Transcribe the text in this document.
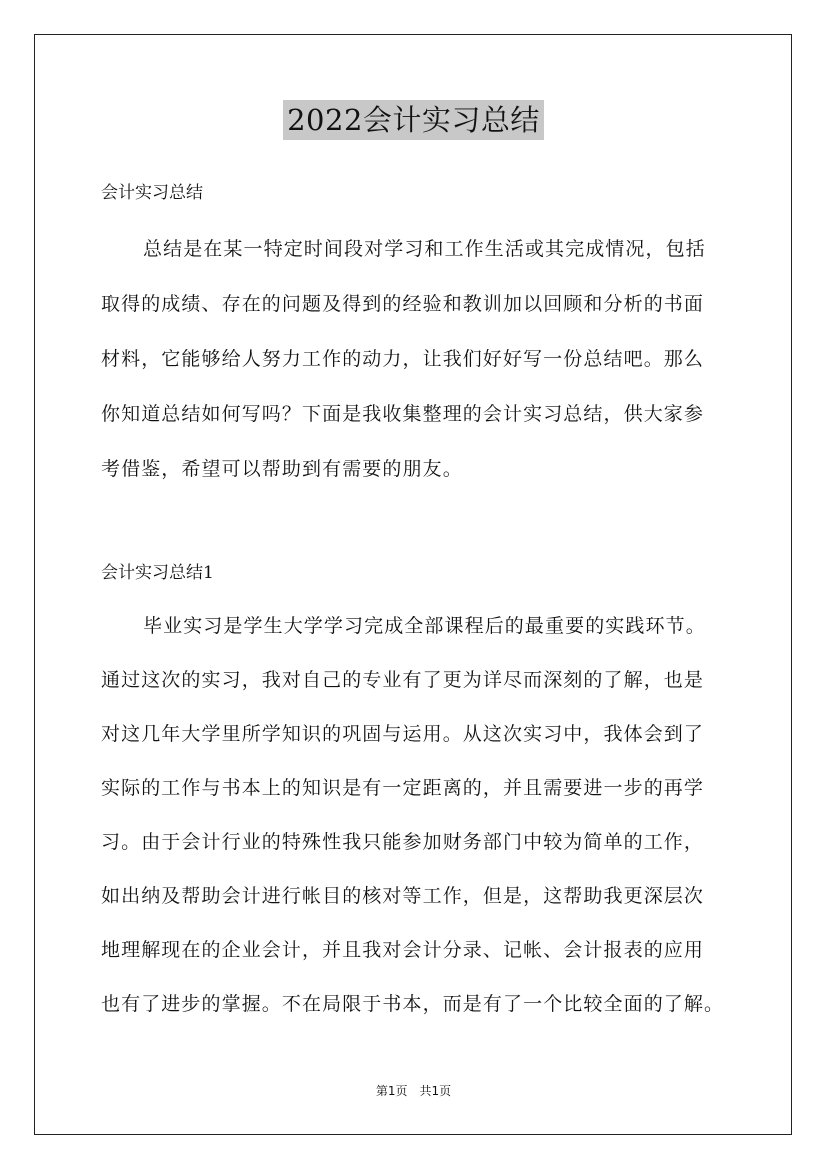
2022会计实习总结
会计实习总结
总结是在某一特定时间段对学习和工作生活或其完成情况，包括
取得的成绩、存在的问题及得到的经验和教训加以回顾和分析的书面
材料，它能够给人努力工作的动力，让我们好好写一份总结吧。那么
你知道总结如何写吗？下面是我收集整理的会计实习总结，供大家参
考借鉴，希望可以帮助到有需要的朋友。
会计实习总结1
毕业实习是学生大学学习完成全部课程后的最重要的实践环节。
通过这次的实习，我对自己的专业有了更为详尽而深刻的了解，也是
对这几年大学里所学知识的巩固与运用。从这次实习中，我体会到了
实际的工作与书本上的知识是有一定距离的，并且需要进一步的再学
习。由于会计行业的特殊性我只能参加财务部门中较为简单的工作，
如出纳及帮助会计进行帐目的核对等工作，但是，这帮助我更深层次
地理解现在的企业会计，并且我对会计分录、记帐、会计报表的应用
也有了进步的掌握。不在局限于书本，而是有了一个比较全面的了解。
第1页　共1页
